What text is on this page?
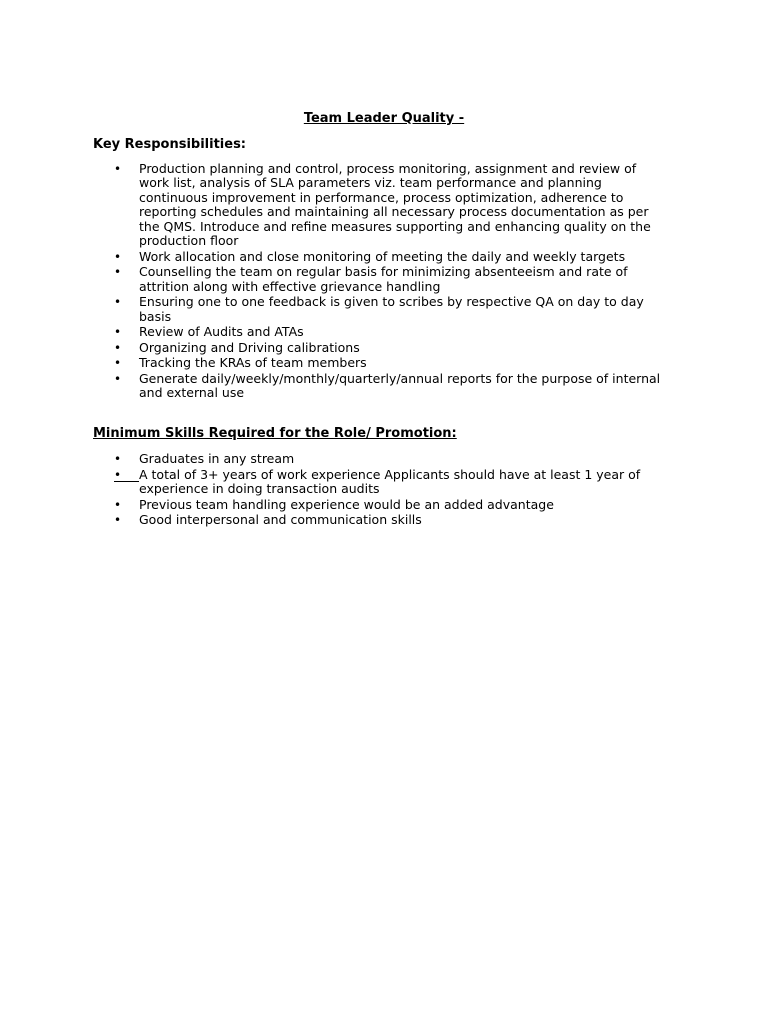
Team Leader Quality -
Key Responsibilities:
•	Production planning and control, process monitoring, assignment and review of work list, analysis of SLA parameters viz. team performance and planning continuous improvement in performance, process optimization, adherence to reporting schedules and maintaining all necessary process documentation as per the QMS. Introduce and refine measures supporting and enhancing quality on the production floor
•	Work allocation and close monitoring of meeting the daily and weekly targets
•	Counselling the team on regular basis for minimizing absenteeism and rate of attrition along with effective grievance handling
•	Ensuring one to one feedback is given to scribes by respective QA on day to day basis
•	Review of Audits and ATAs
•	Organizing and Driving calibrations
•	Tracking the KRAs of team members
•	Generate daily/weekly/monthly/quarterly/annual reports for the purpose of internal and external use
Minimum Skills Required for the Role/ Promotion:
•	Graduates in any stream
•	A total of 3+ years of work experience Applicants should have at least 1 year of experience in doing transaction audits
•	Previous team handling experience would be an added advantage
•	Good interpersonal and communication skills
